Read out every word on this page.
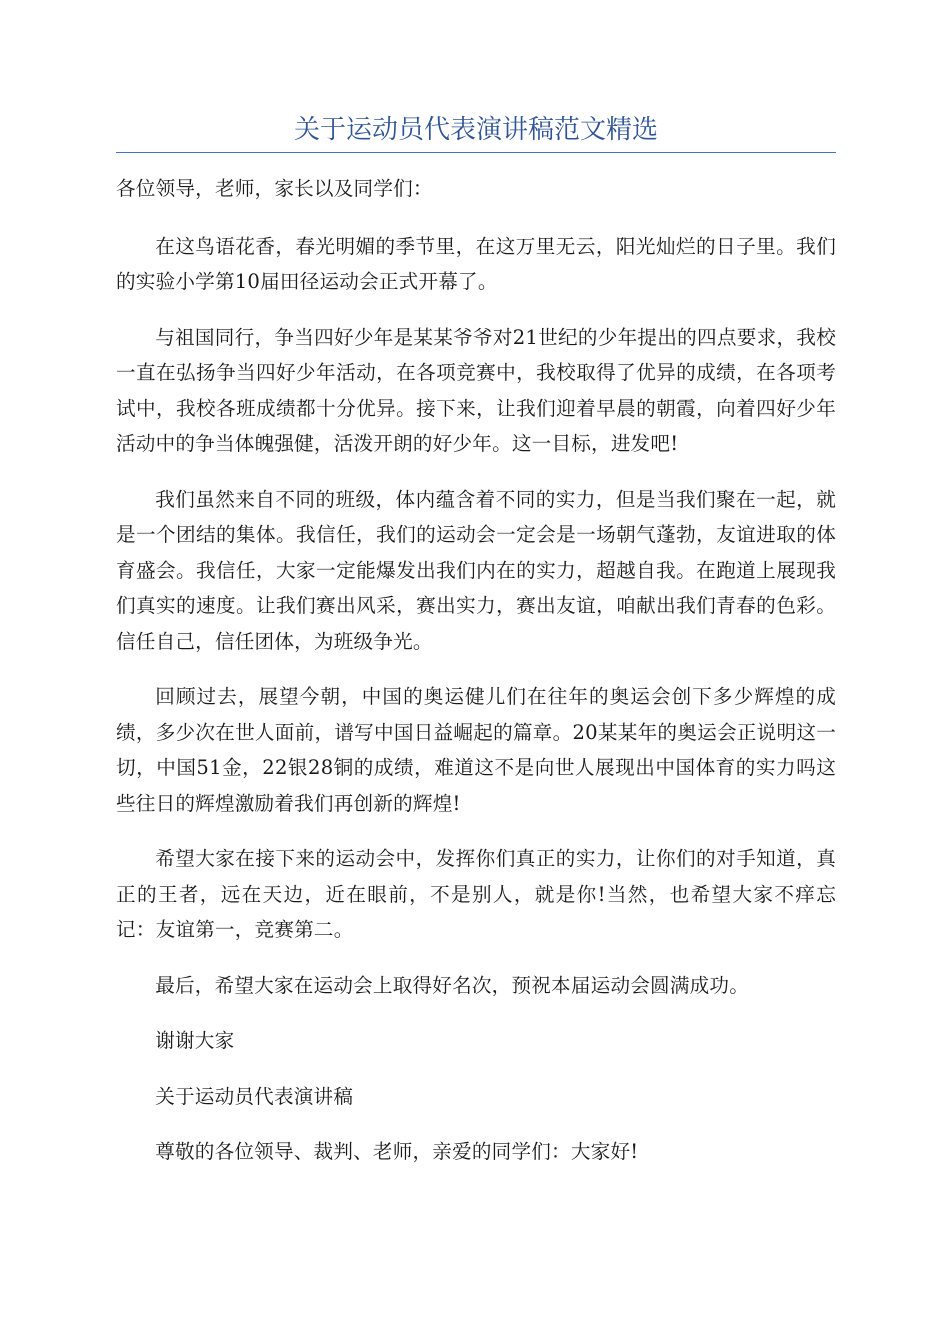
关于运动员代表演讲稿范文精选

各位领导，老师，家长以及同学们：

在这鸟语花香，春光明媚的季节里，在这万里无云，阳光灿烂的日子里。我们的实验小学第10届田径运动会正式开幕了。

与祖国同行，争当四好少年是某某爷爷对21世纪的少年提出的四点要求，我校一直在弘扬争当四好少年活动，在各项竞赛中，我校取得了优异的成绩，在各项考试中，我校各班成绩都十分优异。接下来，让我们迎着早晨的朝霞，向着四好少年活动中的争当体魄强健，活泼开朗的好少年。这一目标，进发吧!

我们虽然来自不同的班级，体内蕴含着不同的实力，但是当我们聚在一起，就是一个团结的集体。我信任，我们的运动会一定会是一场朝气蓬勃，友谊进取的体育盛会。我信任，大家一定能爆发出我们内在的实力，超越自我。在跑道上展现我们真实的速度。让我们赛出风采，赛出实力，赛出友谊，咱献出我们青春的色彩。信任自己，信任团体，为班级争光。

回顾过去，展望今朝，中国的奥运健儿们在往年的奥运会创下多少辉煌的成绩，多少次在世人面前，谱写中国日益崛起的篇章。20某某年的奥运会正说明这一切，中国51金，22银28铜的成绩，难道这不是向世人展现出中国体育的实力吗这些往日的辉煌激励着我们再创新的辉煌!

希望大家在接下来的运动会中，发挥你们真正的实力，让你们的对手知道，真正的王者，远在天边，近在眼前，不是别人，就是你!当然，也希望大家不痒忘记：友谊第一，竞赛第二。

最后，希望大家在运动会上取得好名次，预祝本届运动会圆满成功。

谢谢大家

关于运动员代表演讲稿

尊敬的各位领导、裁判、老师，亲爱的同学们：大家好!
